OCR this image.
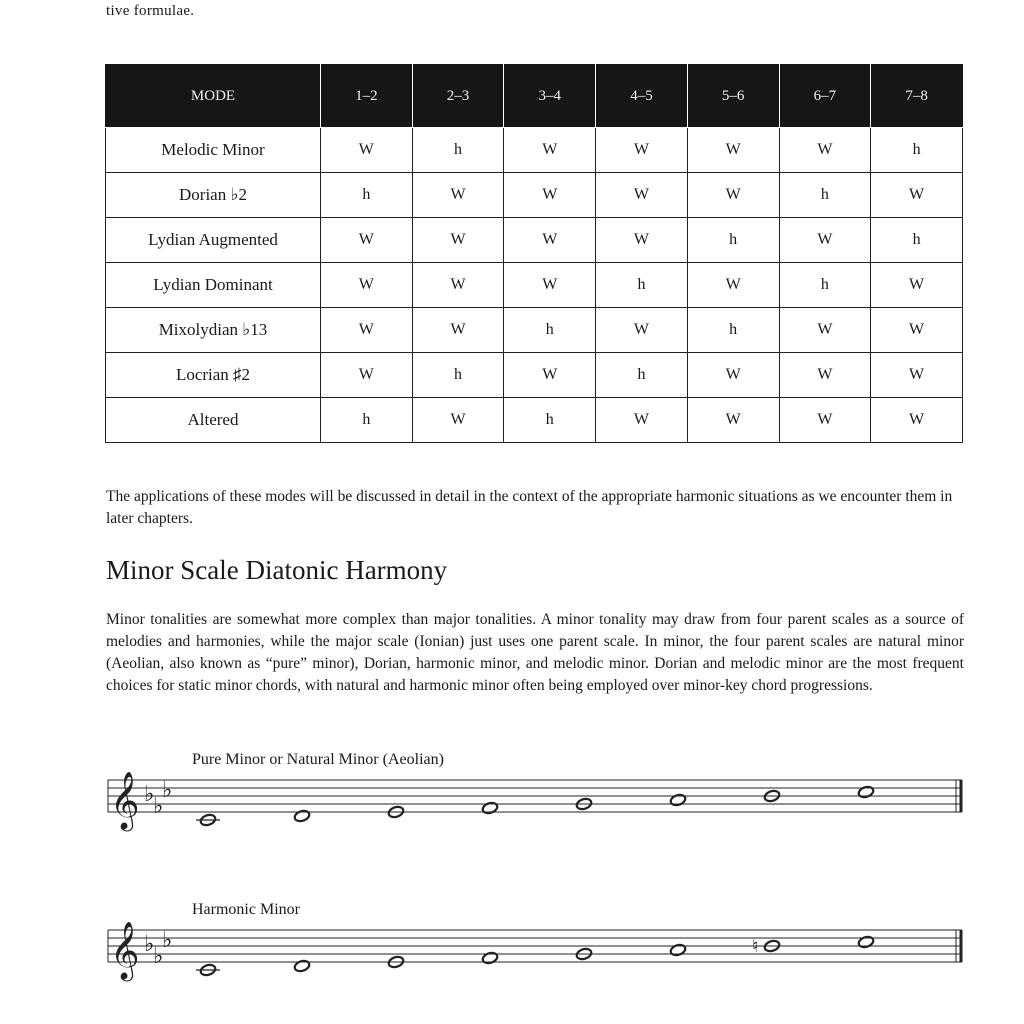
tive formulae.
MODE	1–2	2–3	3–4	4–5	5–6	6–7	7–8
Melodic Minor	W	h	W	W	W	W	h
Dorian ♭2	h	W	W	W	W	h	W
Lydian Augmented	W	W	W	W	h	W	h
Lydian Dominant	W	W	W	h	W	h	W
Mixolydian ♭13	W	W	h	W	h	W	W
Locrian ♯2	W	h	W	h	W	W	W
Altered	h	W	h	W	W	W	W
The applications of these modes will be discussed in detail in the context of the appropriate harmonic situations as we encounter them in later chapters.
Minor Scale Diatonic Harmony
Minor tonalities are somewhat more complex than major tonalities. A minor tonality may draw from four parent scales as a source of melodies and harmonies, while the major scale (Ionian) just uses one parent scale. In minor, the four parent scales are natural minor (Aeolian, also known as “pure” minor), Dorian, harmonic minor, and melodic minor. Dorian and melodic minor are the most frequent choices for static minor chords, with natural and harmonic minor often being employed over minor-key chord progressions.
Pure Minor or Natural Minor (Aeolian)
𝄞 ♭
♭
♭
Harmonic Minor
𝄞 ♭
♭
♭	♮
